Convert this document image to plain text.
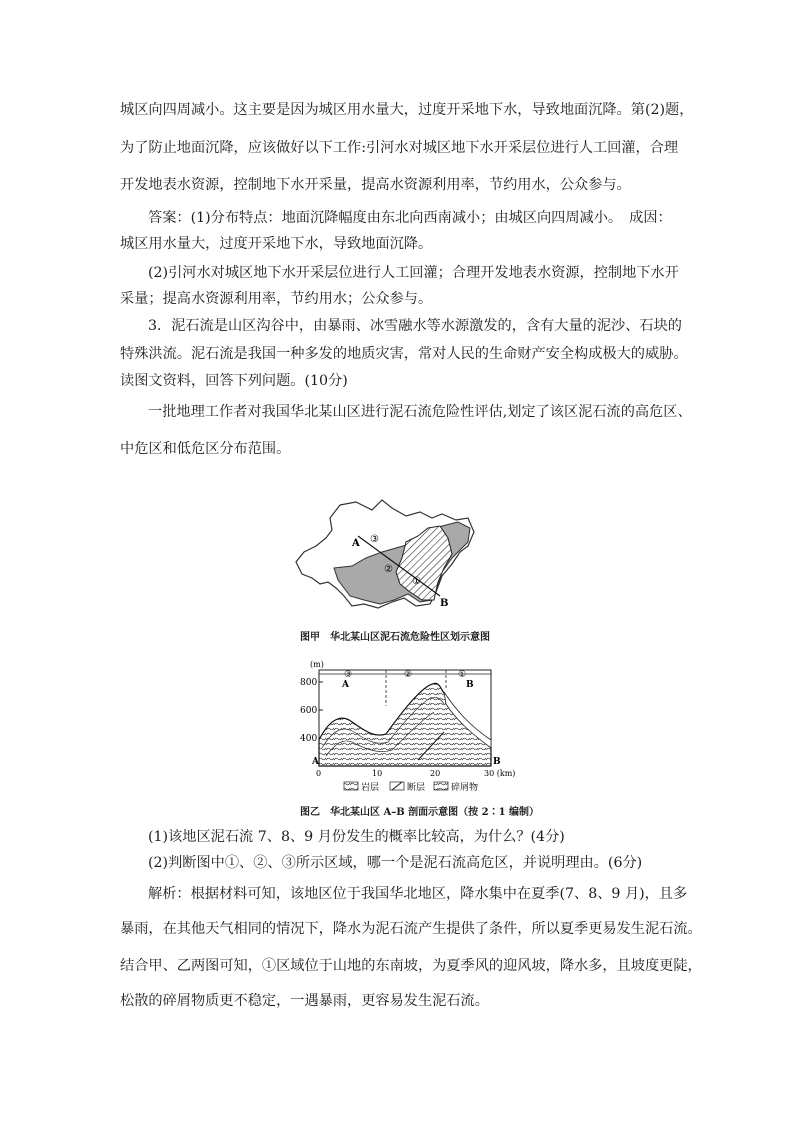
城区向四周减小。这主要是因为城区用水量大，过度开采地下水，导致地面沉降。第(2)题，
为了防止地面沉降，应该做好以下工作:引河水对城区地下水开采层位进行人工回灌，合理
开发地表水资源，控制地下水开采量，提高水资源利用率，节约用水，公众参与。
答案：(1)分布特点：地面沉降幅度由东北向西南减小；由城区向四周减小。　成因：
城区用水量大，过度开采地下水，导致地面沉降。
(2)引河水对城区地下水开采层位进行人工回灌；合理开发地表水资源，控制地下水开
采量；提高水资源利用率，节约用水；公众参与。
3．泥石流是山区沟谷中，由暴雨、冰雪融水等水源激发的，含有大量的泥沙、石块的
特殊洪流。泥石流是我国一种多发的地质灾害，常对人民的生命财产安全构成极大的威胁。
读图文资料，回答下列问题。(10分)
一批地理工作者对我国华北某山区进行泥石流危险性评估,划定了该区泥石流的高危区、
中危区和低危区分布范围。
A ③
②
①
B
图甲　华北某山区泥石流危险性区划示意图
(m)
800
600
400
③	②	①
A	B
A	B
0	10	20	30 (km)
岩层	断层	碎屑物
图乙　华北某山区 A–B 剖面示意图（按 2∶1 编制）
(1)该地区泥石流 7、8、9 月份发生的概率比较高，为什么？(4分)
(2)判断图中①、②、③所示区域，哪一个是泥石流高危区，并说明理由。(6分)
解析：根据材料可知，该地区位于我国华北地区，降水集中在夏季(7、8、9 月)，且多
暴雨，在其他天气相同的情况下，降水为泥石流产生提供了条件，所以夏季更易发生泥石流。
结合甲、乙两图可知，①区域位于山地的东南坡，为夏季风的迎风坡，降水多，且坡度更陡，
松散的碎屑物质更不稳定，一遇暴雨，更容易发生泥石流。
